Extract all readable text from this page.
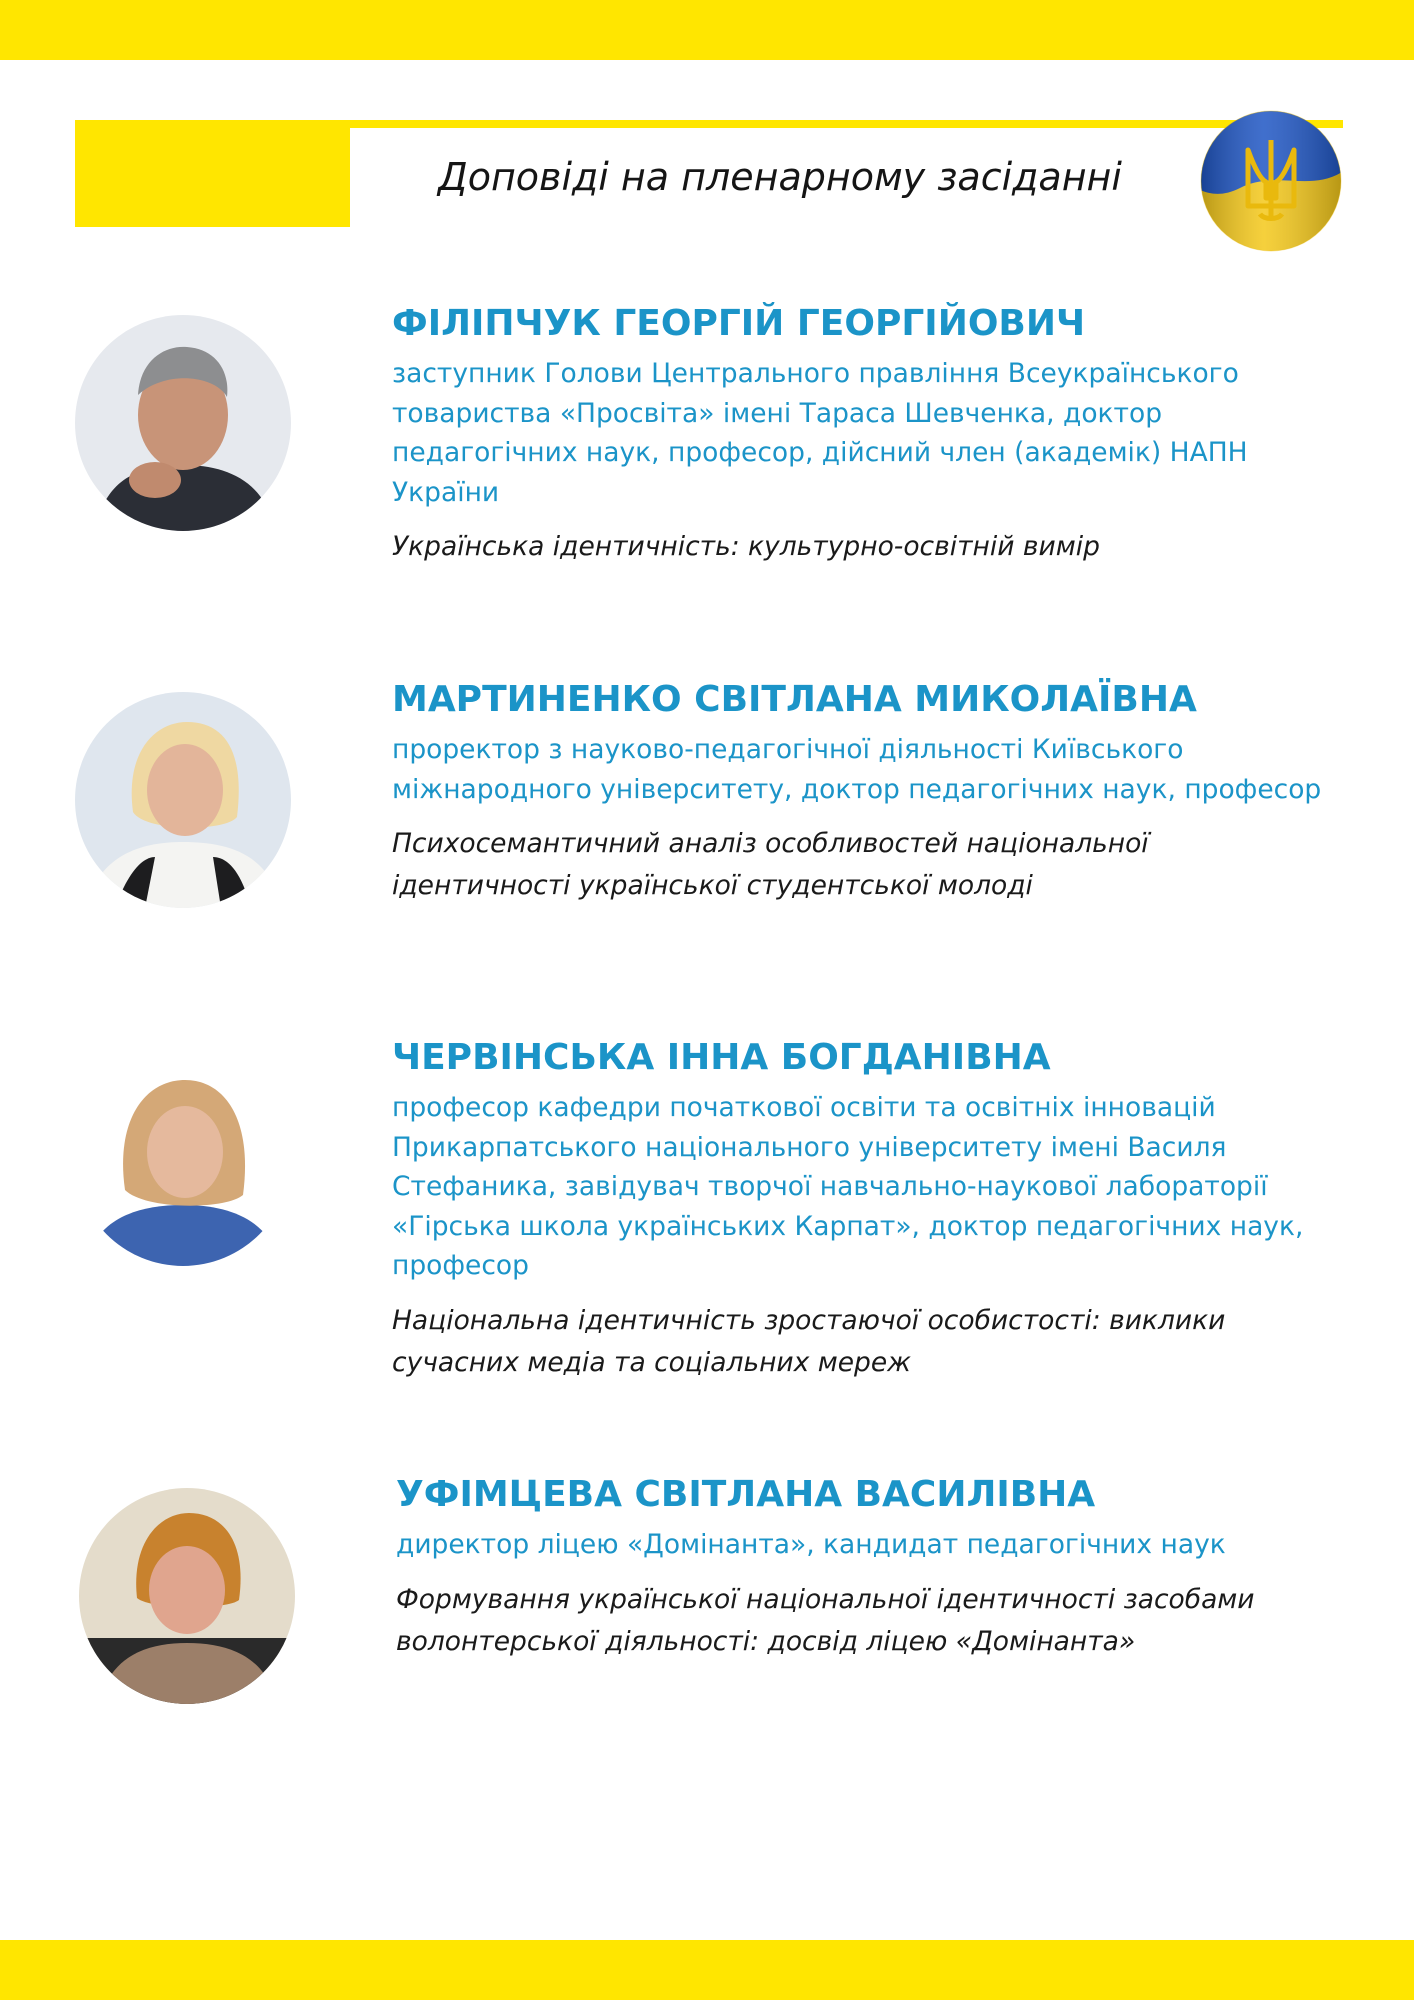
Доповіді на пленарному засіданні
ФІЛІПЧУК ГЕОРГІЙ ГЕОРГІЙОВИЧ
заступник Голови Центрального правління Всеукраїнського товариства «Просвіта» імені Тараса Шевченка, доктор педагогічних наук, професор, дійсний член (академік) НАПН України
Українська ідентичність: культурно-освітній вимір
МАРТИНЕНКО СВІТЛАНА МИКОЛАЇВНА
проректор з науково-педагогічної діяльності Київського міжнародного університету, доктор педагогічних наук, професор
Психосемантичний аналіз особливостей національної ідентичності української студентської молоді
ЧЕРВІНСЬКА ІННА БОГДАНІВНА
професор кафедри початкової освіти та освітніх інновацій Прикарпатського національного університету імені Василя Стефаника, завідувач творчої навчально-наукової лабораторії «Гірська школа українських Карпат», доктор педагогічних наук, професор
Національна ідентичність зростаючої особистості: виклики сучасних медіа та соціальних мереж
УФІМЦЕВА СВІТЛАНА ВАСИЛІВНА
директор ліцею «Домінанта», кандидат педагогічних наук
Формування української національної ідентичності засобами волонтерської діяльності: досвід ліцею «Домінанта»
